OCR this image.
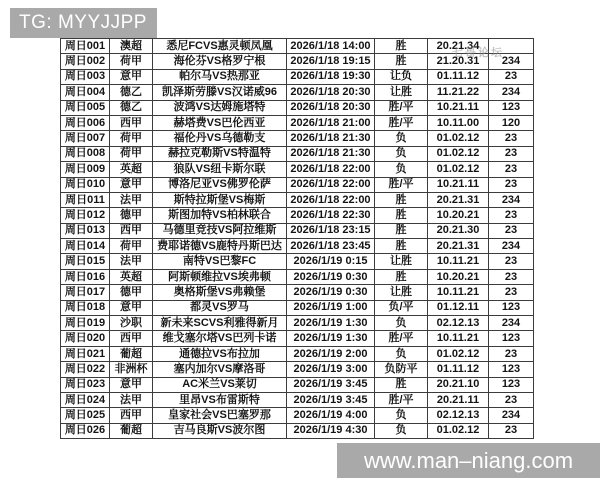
TG: MYYJJPP
周日001	澳超	悉尼FCVS惠灵顿凤凰	2026/1/18 14:00	胜	20.21.34	
周日002	荷甲	海伦芬VS格罗宁根	2026/1/18 19:15	胜	21.20.31	234
周日003	意甲	帕尔马VS热那亚	2026/1/18 19:30	让负	01.11.12	23
周日004	德乙	凯泽斯劳滕VS汉诺威96	2026/1/18 20:30	让胜	11.21.22	234
周日005	德乙	波鸿VS达姆施塔特	2026/1/18 20:30	胜/平	10.21.11	123
周日006	西甲	赫塔费VS巴伦西亚	2026/1/18 21:00	胜/平	10.11.00	120
周日007	荷甲	福伦丹VS乌德勒支	2026/1/18 21:30	负	01.02.12	23
周日008	荷甲	赫拉克勒斯VS特温特	2026/1/18 21:30	负	01.02.12	23
周日009	英超	狼队VS纽卡斯尔联	2026/1/18 22:00	负	01.02.12	23
周日010	意甲	博洛尼亚VS佛罗伦萨	2026/1/18 22:00	胜/平	10.21.11	23
周日011	法甲	斯特拉斯堡VS梅斯	2026/1/18 22:00	胜	20.21.31	234
周日012	德甲	斯图加特VS柏林联合	2026/1/18 22:30	胜	10.20.21	23
周日013	西甲	马德里竞技VS阿拉维斯	2026/1/18 23:15	胜	20.21.30	23
周日014	荷甲	费耶诺德VS鹿特丹斯巴达	2026/1/18 23:45	胜	20.21.31	234
周日015	法甲	南特VS巴黎FC	2026/1/19 0:15	让胜	10.11.21	23
周日016	英超	阿斯顿维拉VS埃弗顿	2026/1/19 0:30	胜	10.20.21	23
周日017	德甲	奥格斯堡VS弗赖堡	2026/1/19 0:30	让胜	10.11.21	23
周日018	意甲	都灵VS罗马	2026/1/19 1:00	负/平	01.12.11	123
周日019	沙职	新未来SCVS利雅得新月	2026/1/19 1:30	负	02.12.13	234
周日020	西甲	维戈塞尔塔VS巴列卡诺	2026/1/19 1:30	胜/平	10.11.21	123
周日021	葡超	通德拉VS布拉加	2026/1/19 2:00	负	01.02.12	23
周日022	非洲杯	塞内加尔VS摩洛哥	2026/1/19 3:00	负防平	01.11.12	123
周日023	意甲	AC米兰VS莱切	2026/1/19 3:45	胜	20.21.10	123
周日024	法甲	里昂VS布雷斯特	2026/1/19 3:45	胜/平	20.21.11	23
周日025	西甲	皇家社会VS巴塞罗那	2026/1/19 4:00	负	02.12.13	234
周日026	葡超	吉马良斯VS波尔图	2026/1/19 4:30	负	01.02.12	23
七哥论坛
www.man–niang.com
